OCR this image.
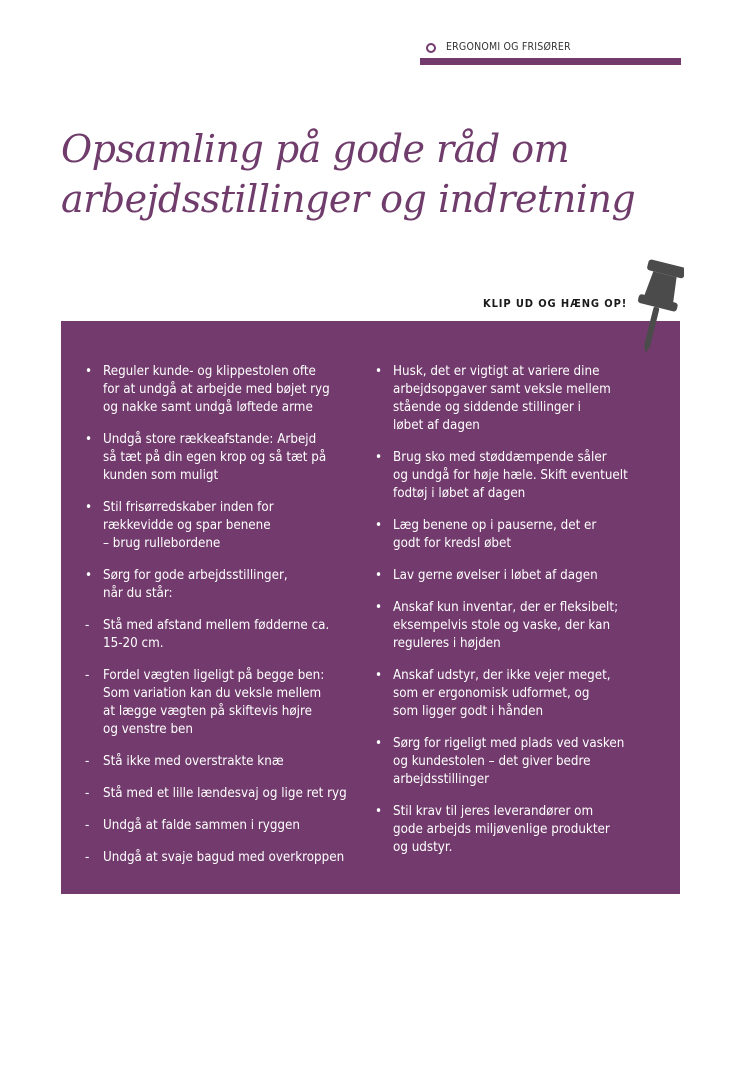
ERGONOMI OG FRISØRER
Opsamling på gode råd om
arbejdsstillinger og indretning
KLIP UD OG HÆNG OP!
• Reguler kunde- og klippestolen ofte
for at undgå at arbejde med bøjet ryg
og nakke samt undgå løftede arme
• Undgå store rækkeafstande: Arbejd
så tæt på din egen krop og så tæt på
kunden som muligt
• Stil frisørredskaber inden for
rækkevidde og spar benene
– brug rullebordene
• Sørg for gode arbejdsstillinger,
når du står:
-	Stå med afstand mellem fødderne ca.
15-20 cm.
-	Fordel vægten ligeligt på begge ben:
Som variation kan du veksle mellem
at lægge vægten på skiftevis højre
og venstre ben
-	Stå ikke med overstrakte knæ
-	Stå med et lille lændesvaj og lige ret ryg
-	Undgå at falde sammen i ryggen
-	Undgå at svaje bagud med overkroppen
• Husk, det er vigtigt at variere dine
arbejdsopgaver samt veksle mellem
stående og siddende stillinger i
løbet af dagen
• Brug sko med støddæmpende såler
og undgå for høje hæle. Skift eventuelt
fodtøj i løbet af dagen
• Læg benene op i pauserne, det er
godt for kredsl øbet
• Lav gerne øvelser i løbet af dagen
• Anskaf kun inventar, der er fleksibelt;
eksempelvis stole og vaske, der kan
reguleres i højden
• Anskaf udstyr, der ikke vejer meget,
som er ergonomisk udformet, og
som ligger godt i hånden
• Sørg for rigeligt med plads ved vasken
og kundestolen – det giver bedre
arbejdsstillinger
• Stil krav til jeres leverandører om
gode arbejds miljøvenlige produkter
og udstyr.
